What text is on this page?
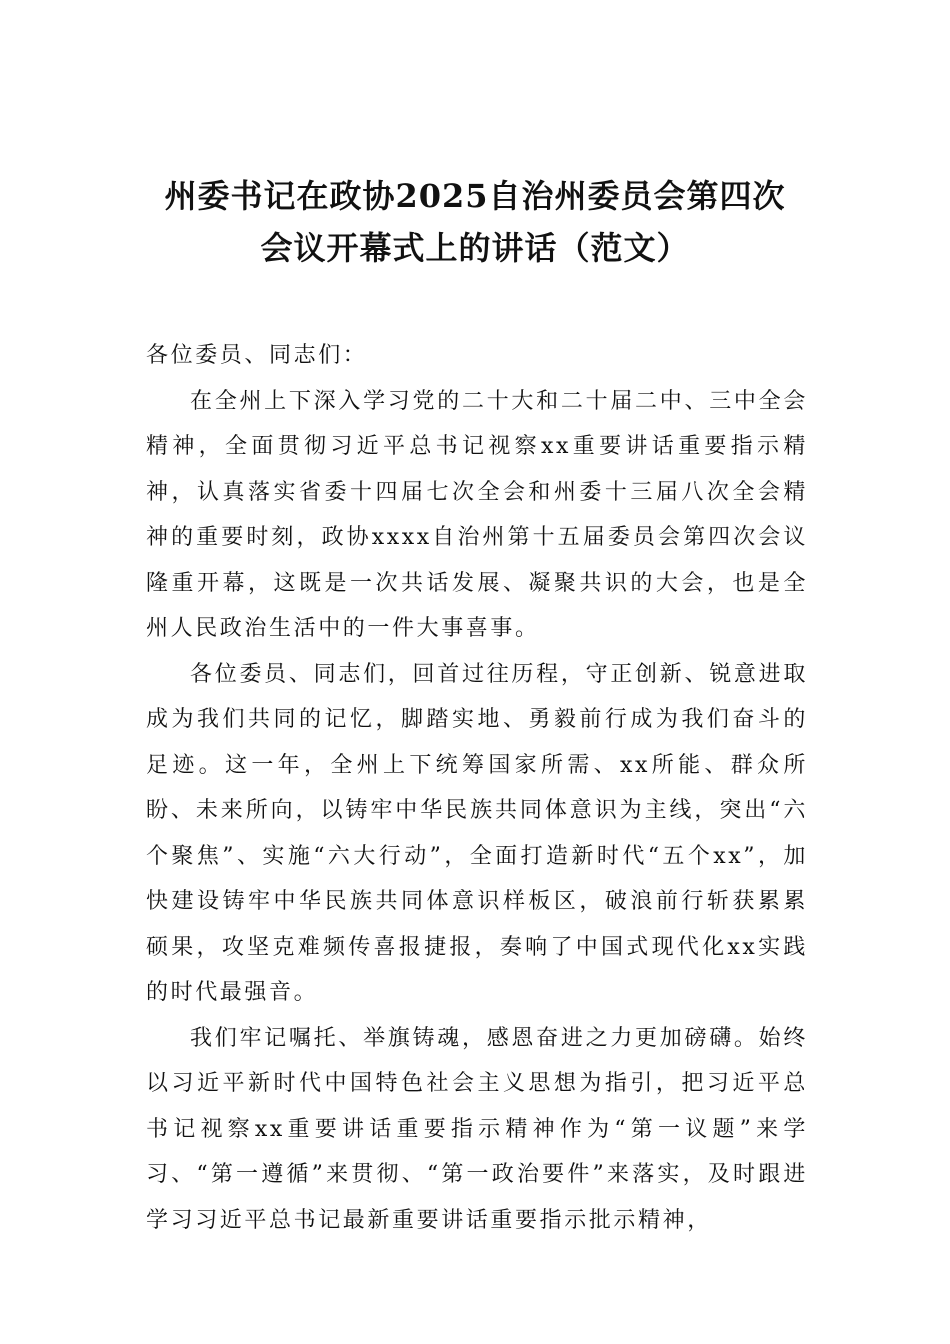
州委书记在政协2025自治州委员会第四次
会议开幕式上的讲话（范文）

各位委员、同志们：

在全州上下深入学习党的二十大和二十届二中、三中全会精神，全面贯彻习近平总书记视察xx重要讲话重要指示精神，认真落实省委十四届七次全会和州委十三届八次全会精神的重要时刻，政协xxxx自治州第十五届委员会第四次会议隆重开幕，这既是一次共话发展、凝聚共识的大会，也是全州人民政治生活中的一件大事喜事。

各位委员、同志们，回首过往历程，守正创新、锐意进取成为我们共同的记忆，脚踏实地、勇毅前行成为我们奋斗的足迹。这一年，全州上下统筹国家所需、xx所能、群众所盼、未来所向，以铸牢中华民族共同体意识为主线，突出“六个聚焦”、实施“六大行动”，全面打造新时代“五个xx”，加快建设铸牢中华民族共同体意识样板区，破浪前行斩获累累硕果，攻坚克难频传喜报捷报，奏响了中国式现代化xx实践的时代最强音。

我们牢记嘱托、举旗铸魂，感恩奋进之力更加磅礴。始终以习近平新时代中国特色社会主义思想为指引，把习近平总书记视察xx重要讲话重要指示精神作为“第一议题”来学习、“第一遵循”来贯彻、“第一政治要件”来落实，及时跟进学习习近平总书记最新重要讲话重要指示批示精神，
